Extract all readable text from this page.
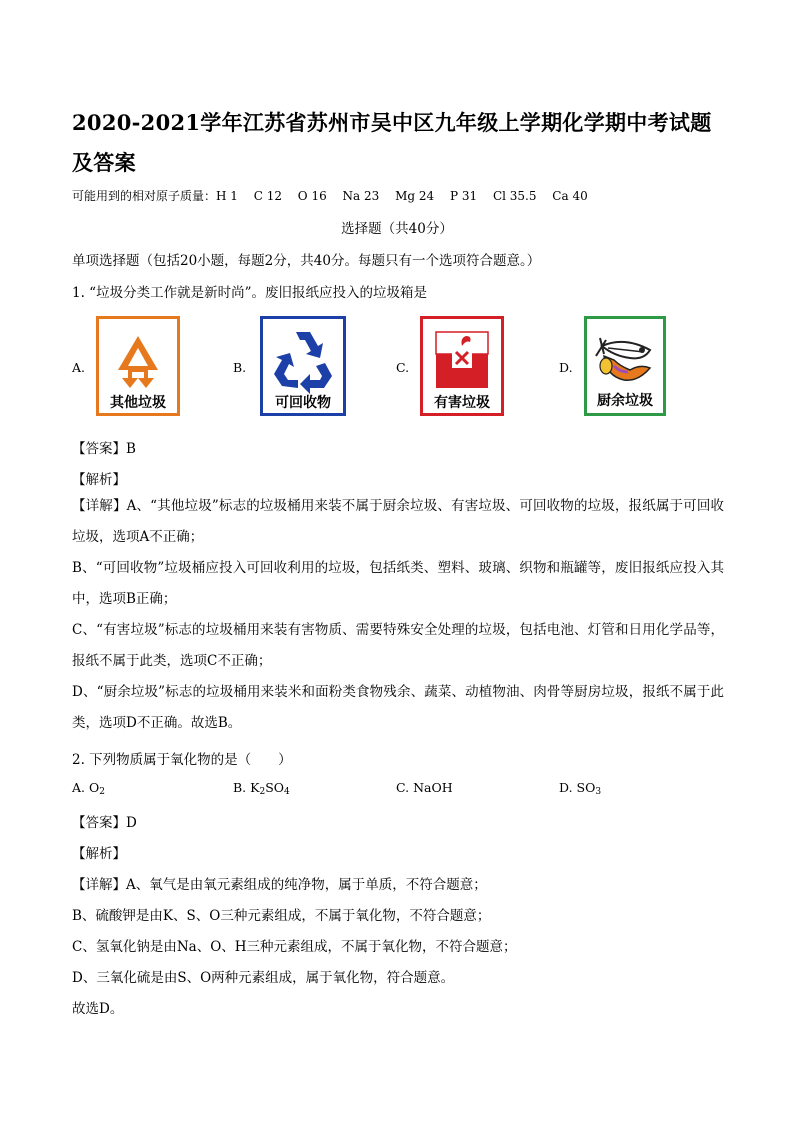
2020-2021学年江苏省苏州市吴中区九年级上学期化学期中考试题及答案
可能用到的相对原子质量：H 1　 C 12　 O 16　 Na 23　 Mg 24　 P 31　 Cl 35.5　 Ca 40
选择题（共40分）
单项选择题（包括20小题，每题2分，共40分。每题只有一个选项符合题意。）
1. “垃圾分类工作就是新时尚”。废旧报纸应投入的垃圾箱是
A.
其他垃圾
B.
可回收物
C.
有害垃圾
D.
厨余垃圾
【答案】B
【解析】
【详解】A、“其他垃圾”标志的垃圾桶用来装不属于厨余垃圾、有害垃圾、可回收物的垃圾，报纸属于可回收垃圾，选项A不正确；
B、“可回收物”垃圾桶应投入可回收利用的垃圾，包括纸类、塑料、玻璃、织物和瓶罐等，废旧报纸应投入其中，选项B正确；
C、“有害垃圾”标志的垃圾桶用来装有害物质、需要特殊安全处理的垃圾，包括电池、灯管和日用化学品等，报纸不属于此类，选项C不正确；
D、“厨余垃圾”标志的垃圾桶用来装米和面粉类食物残余、蔬菜、动植物油、肉骨等厨房垃圾，报纸不属于此类，选项D不正确。故选B。
2. 下列物质属于氧化物的是（　　）
A. $O_2$	B. $K_2SO_4$	C. NaOH	D. $SO_3$
【答案】D
【解析】
【详解】A、氧气是由氧元素组成的纯净物，属于单质，不符合题意；
B、硫酸钾是由K、S、O三种元素组成，不属于氧化物，不符合题意；
C、氢氧化钠是由Na、O、H三种元素组成，不属于氧化物，不符合题意；
D、三氧化硫是由S、O两种元素组成，属于氧化物，符合题意。
故选D。
